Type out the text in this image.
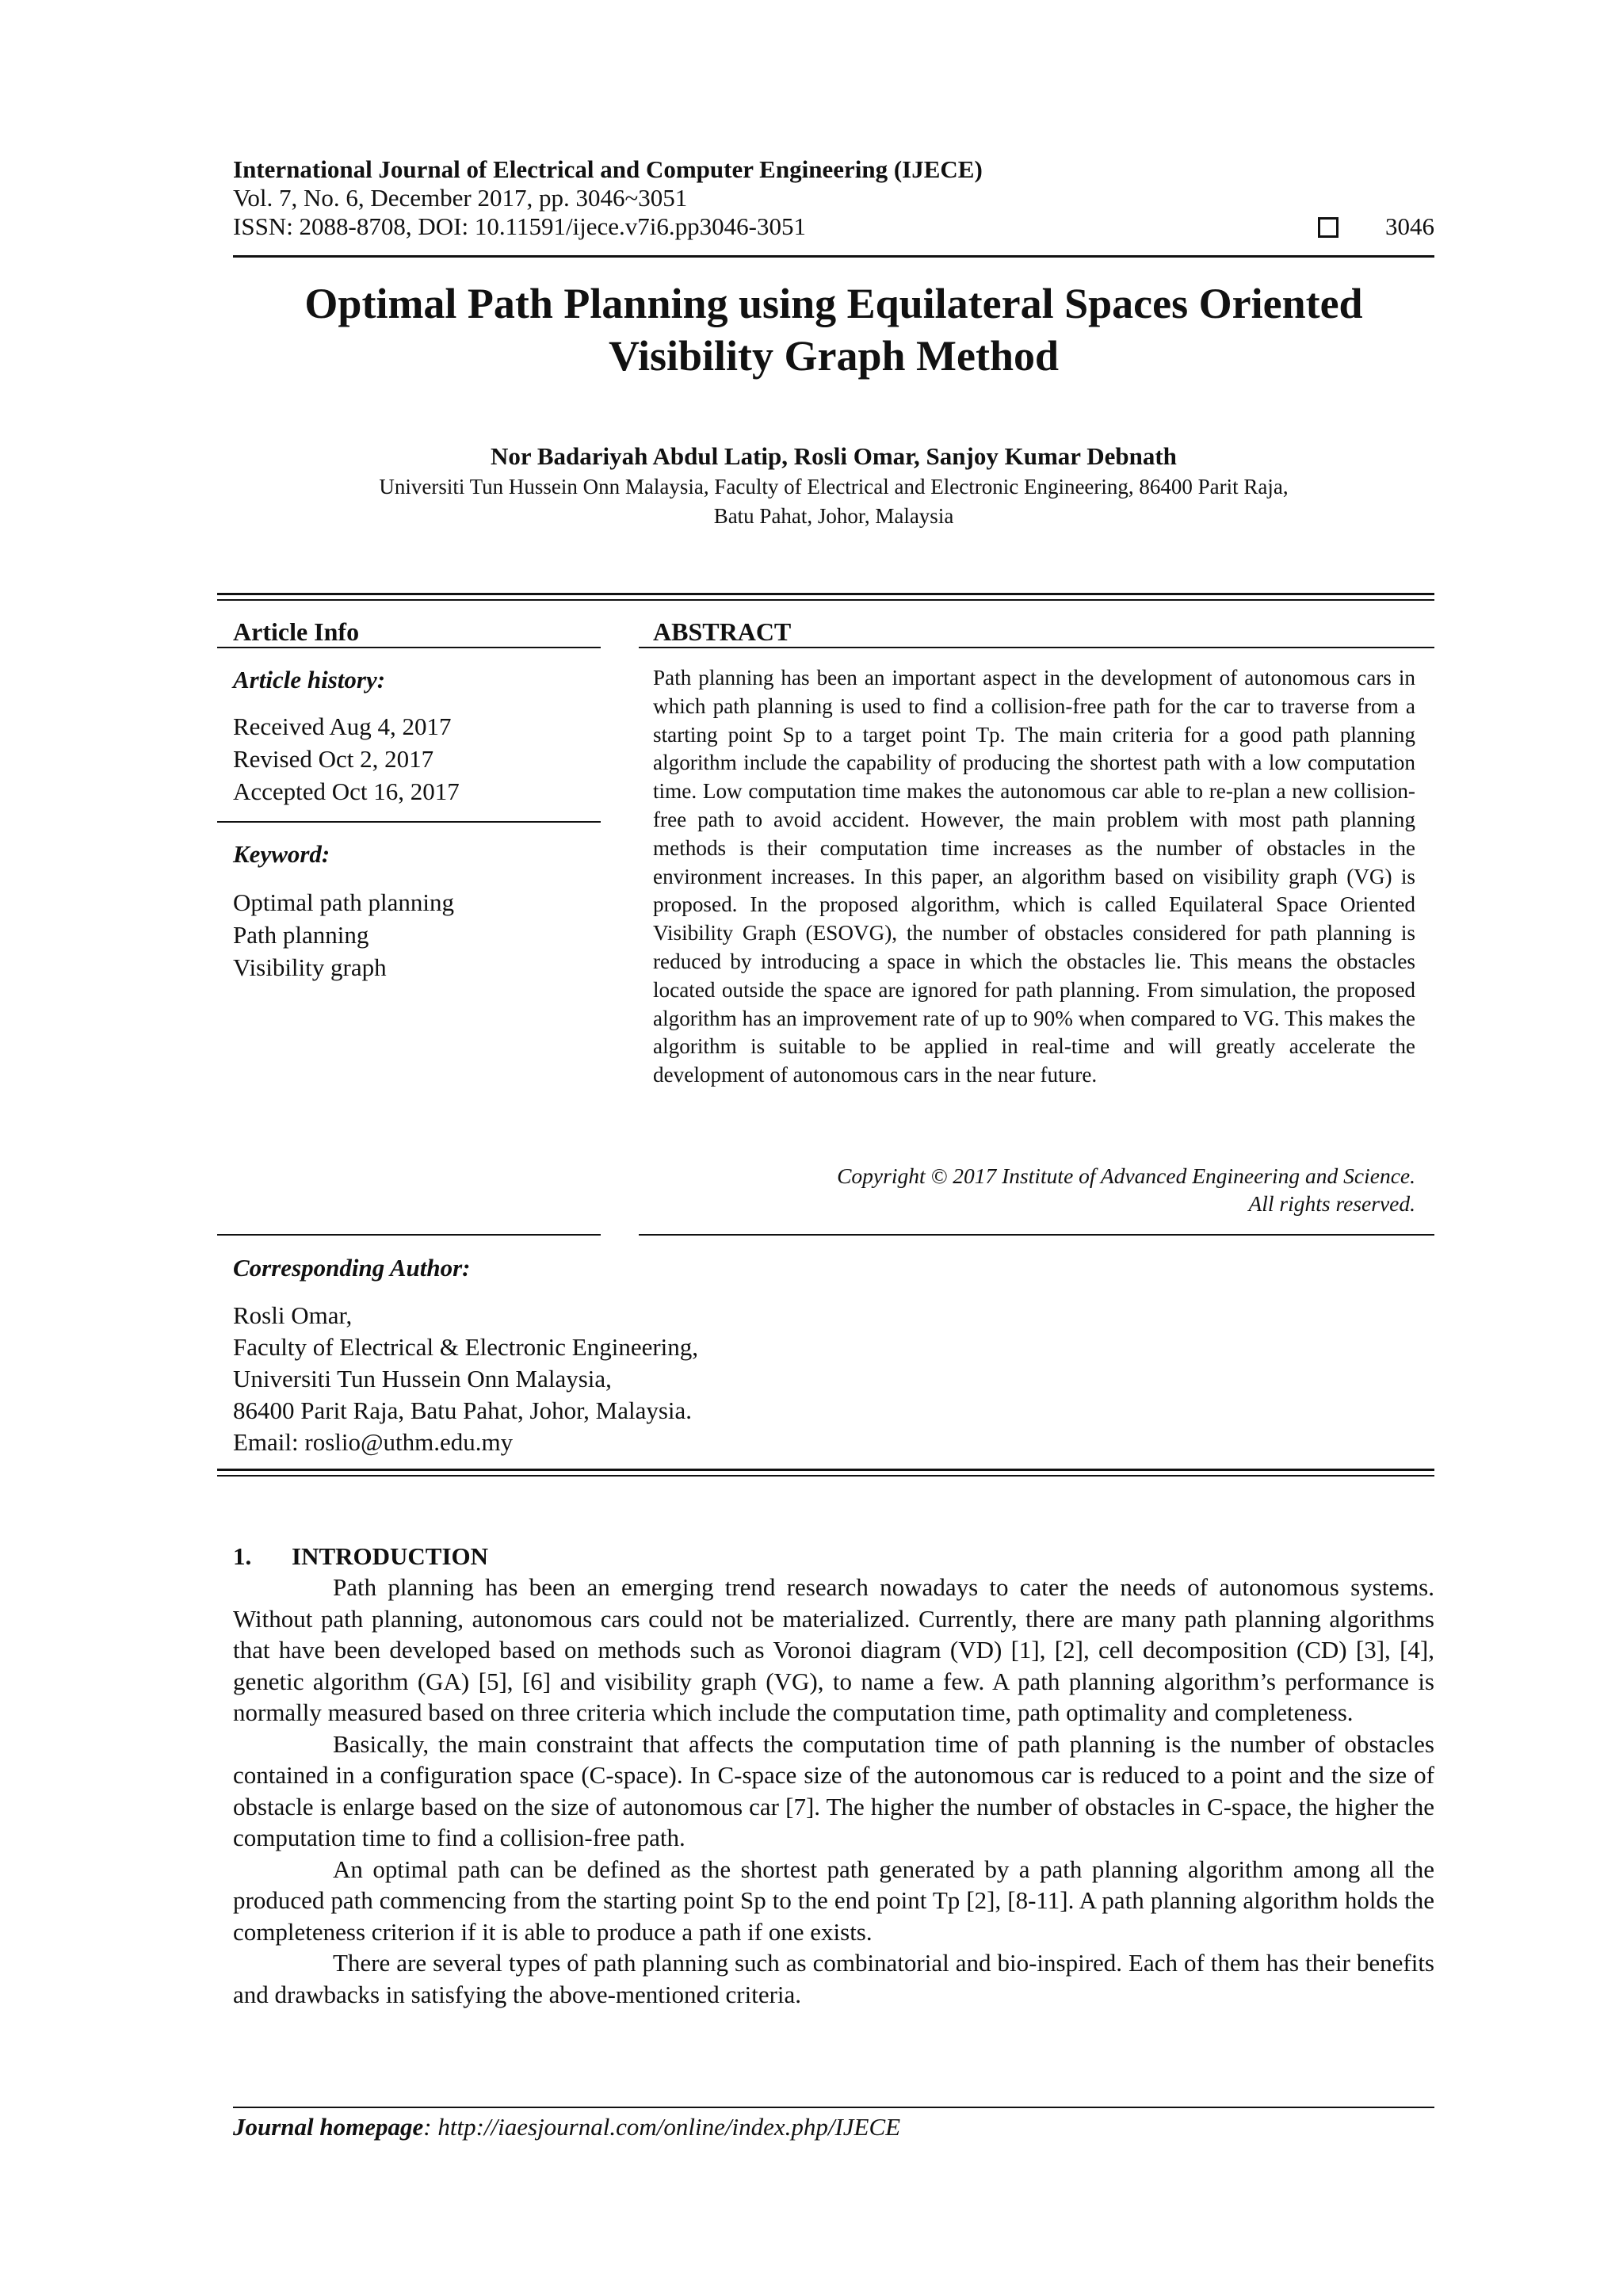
International Journal of Electrical and Computer Engineering (IJECE)
Vol. 7, No. 6, December 2017, pp. 3046~3051
ISSN: 2088-8708, DOI: 10.11591/ijece.v7i6.pp3046-3051	3046
Optimal Path Planning using Equilateral Spaces Oriented Visibility Graph Method
Nor Badariyah Abdul Latip, Rosli Omar, Sanjoy Kumar Debnath
Universiti Tun Hussein Onn Malaysia, Faculty of Electrical and Electronic Engineering, 86400 Parit Raja,
Batu Pahat, Johor, Malaysia
Article Info	ABSTRACT
Article history:
Received Aug 4, 2017
Revised Oct 2, 2017
Accepted Oct 16, 2017
Keyword:
Optimal path planning
Path planning
Visibility graph
Path planning has been an important aspect in the development of autonomous cars in which path planning is used to find a collision-free path for the car to traverse from a starting point Sp to a target point Tp. The main criteria for a good path planning algorithm include the capability of producing the shortest path with a low computation time. Low computation time makes the autonomous car able to re-plan a new collision-free path to avoid accident. However, the main problem with most path planning methods is their computation time increases as the number of obstacles in the environment increases. In this paper, an algorithm based on visibility graph (VG) is proposed. In the proposed algorithm, which is called Equilateral Space Oriented Visibility Graph (ESOVG), the number of obstacles considered for path planning is reduced by introducing a space in which the obstacles lie. This means the obstacles located outside the space are ignored for path planning. From simulation, the proposed algorithm has an improvement rate of up to 90% when compared to VG. This makes the algorithm is suitable to be applied in real-time and will greatly accelerate the development of autonomous cars in the near future.
Copyright © 2017 Institute of Advanced Engineering and Science.
All rights reserved.
Corresponding Author:
Rosli Omar,
Faculty of Electrical & Electronic Engineering,
Universiti Tun Hussein Onn Malaysia,
86400 Parit Raja, Batu Pahat, Johor, Malaysia.
Email: roslio@uthm.edu.my
1. INTRODUCTION

Path planning has been an emerging trend research nowadays to cater the needs of autonomous systems. Without path planning, autonomous cars could not be materialized. Currently, there are many path planning algorithms that have been developed based on methods such as Voronoi diagram (VD) [1], [2], cell decomposition (CD) [3], [4], genetic algorithm (GA) [5], [6] and visibility graph (VG), to name a few. A path planning algorithm’s performance is normally measured based on three criteria which include the computation time, path optimality and completeness.

Basically, the main constraint that affects the computation time of path planning is the number of obstacles contained in a configuration space (C-space). In C-space size of the autonomous car is reduced to a point and the size of obstacle is enlarge based on the size of autonomous car [7]. The higher the number of obstacles in C-space, the higher the computation time to find a collision-free path.

An optimal path can be defined as the shortest path generated by a path planning algorithm among all the produced path commencing from the starting point Sp to the end point Tp [2], [8-11]. A path planning algorithm holds the completeness criterion if it is able to produce a path if one exists.

There are several types of path planning such as combinatorial and bio-inspired. Each of them has their benefits and drawbacks in satisfying the above-mentioned criteria.

Journal homepage: http://iaesjournal.com/online/index.php/IJECE
